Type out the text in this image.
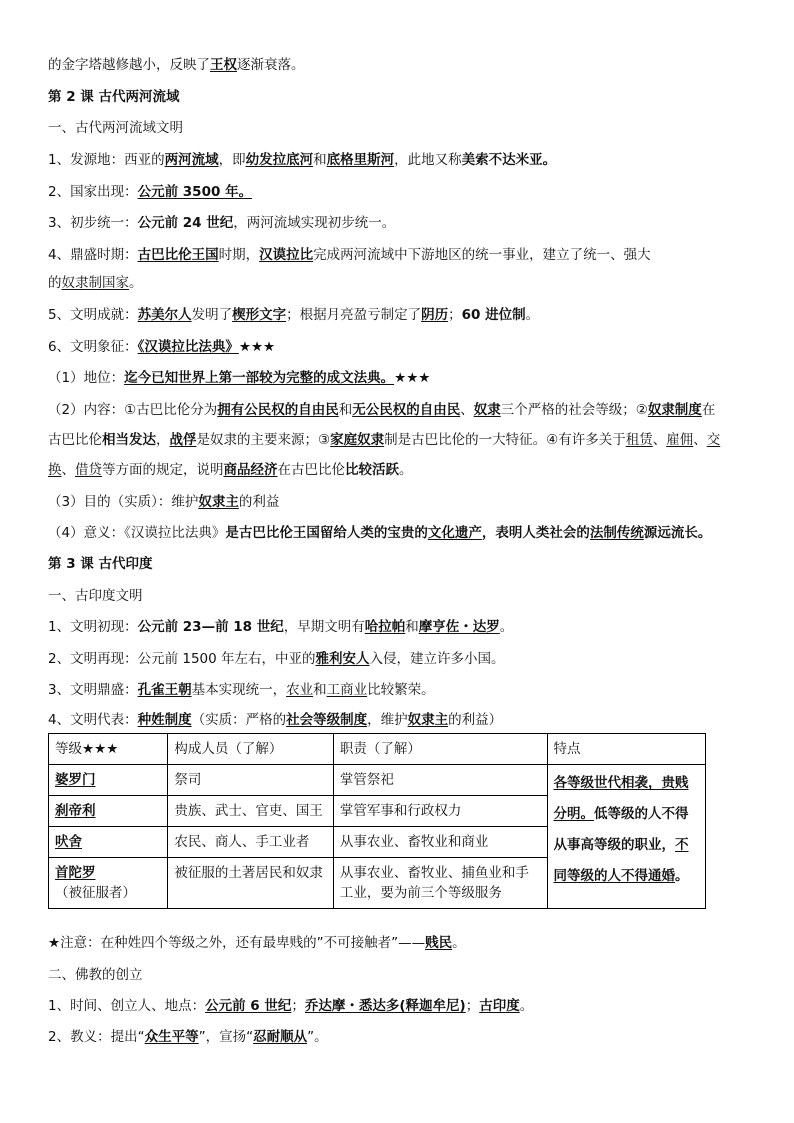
的金字塔越修越小，反映了王权逐渐衰落。
第 2 课 古代两河流域
一、古代两河流域文明
1、发源地：西亚的两河流域，即幼发拉底河和底格里斯河，此地又称美索不达米亚。
2、国家出现：公元前 3500 年。
3、初步统一：公元前 24 世纪，两河流域实现初步统一。
4、鼎盛时期：古巴比伦王国时期，汉谟拉比完成两河流域中下游地区的统一事业，建立了统一、强大
的奴隶制国家。
5、文明成就：苏美尔人发明了楔形文字；根据月亮盈亏制定了阴历；60 进位制。
6、文明象征：《汉谟拉比法典》★★★
（1）地位：迄今已知世界上第一部较为完整的成文法典。★★★
（2）内容：①古巴比伦分为拥有公民权的自由民和无公民权的自由民、奴隶三个严格的社会等级；②奴隶制度在
古巴比伦相当发达，战俘是奴隶的主要来源；③家庭奴隶制是古巴比伦的一大特征。④有许多关于租赁、雇佣、交
换、借贷等方面的规定，说明商品经济在古巴比伦比较活跃。
（3）目的（实质）：维护奴隶主的利益
（4）意义：《汉谟拉比法典》是古巴比伦王国留给人类的宝贵的文化遗产，表明人类社会的法制传统源远流长。
第 3 课 古代印度
一、古印度文明
1、文明初现：公元前 23—前 18 世纪，早期文明有哈拉帕和摩亨佐・达罗。
2、文明再现：公元前 1500 年左右，中亚的雅利安人入侵，建立许多小国。
3、文明鼎盛：孔雀王朝基本实现统一，农业和工商业比较繁荣。
4、文明代表：种姓制度（实质：严格的社会等级制度，维护奴隶主的利益）
等级★★★	构成人员（了解）	职责（了解）	特点
婆罗门	祭司	掌管祭祀	各等级世代相袭，贵贱分明。低等级的人不得从事高等级的职业，不同等级的人不得通婚。
刹帝利	贵族、武士、官吏、国王	掌管军事和行政权力	
吠舍	农民、商人、手工业者	从事农业、畜牧业和商业	

首陀罗
（被征服者）	被征服的土著居民和奴隶	从事农业、畜牧业、捕鱼业和手工业，要为前三个等级服务	
★注意：在种姓四个等级之外，还有最卑贱的”不可接触者”——贱民。
二、佛教的创立
1、时间、创立人、地点：公元前 6 世纪；乔达摩・悉达多(释迦牟尼)；古印度。
2、教义：提出“众生平等”，宣扬“忍耐顺从”。
